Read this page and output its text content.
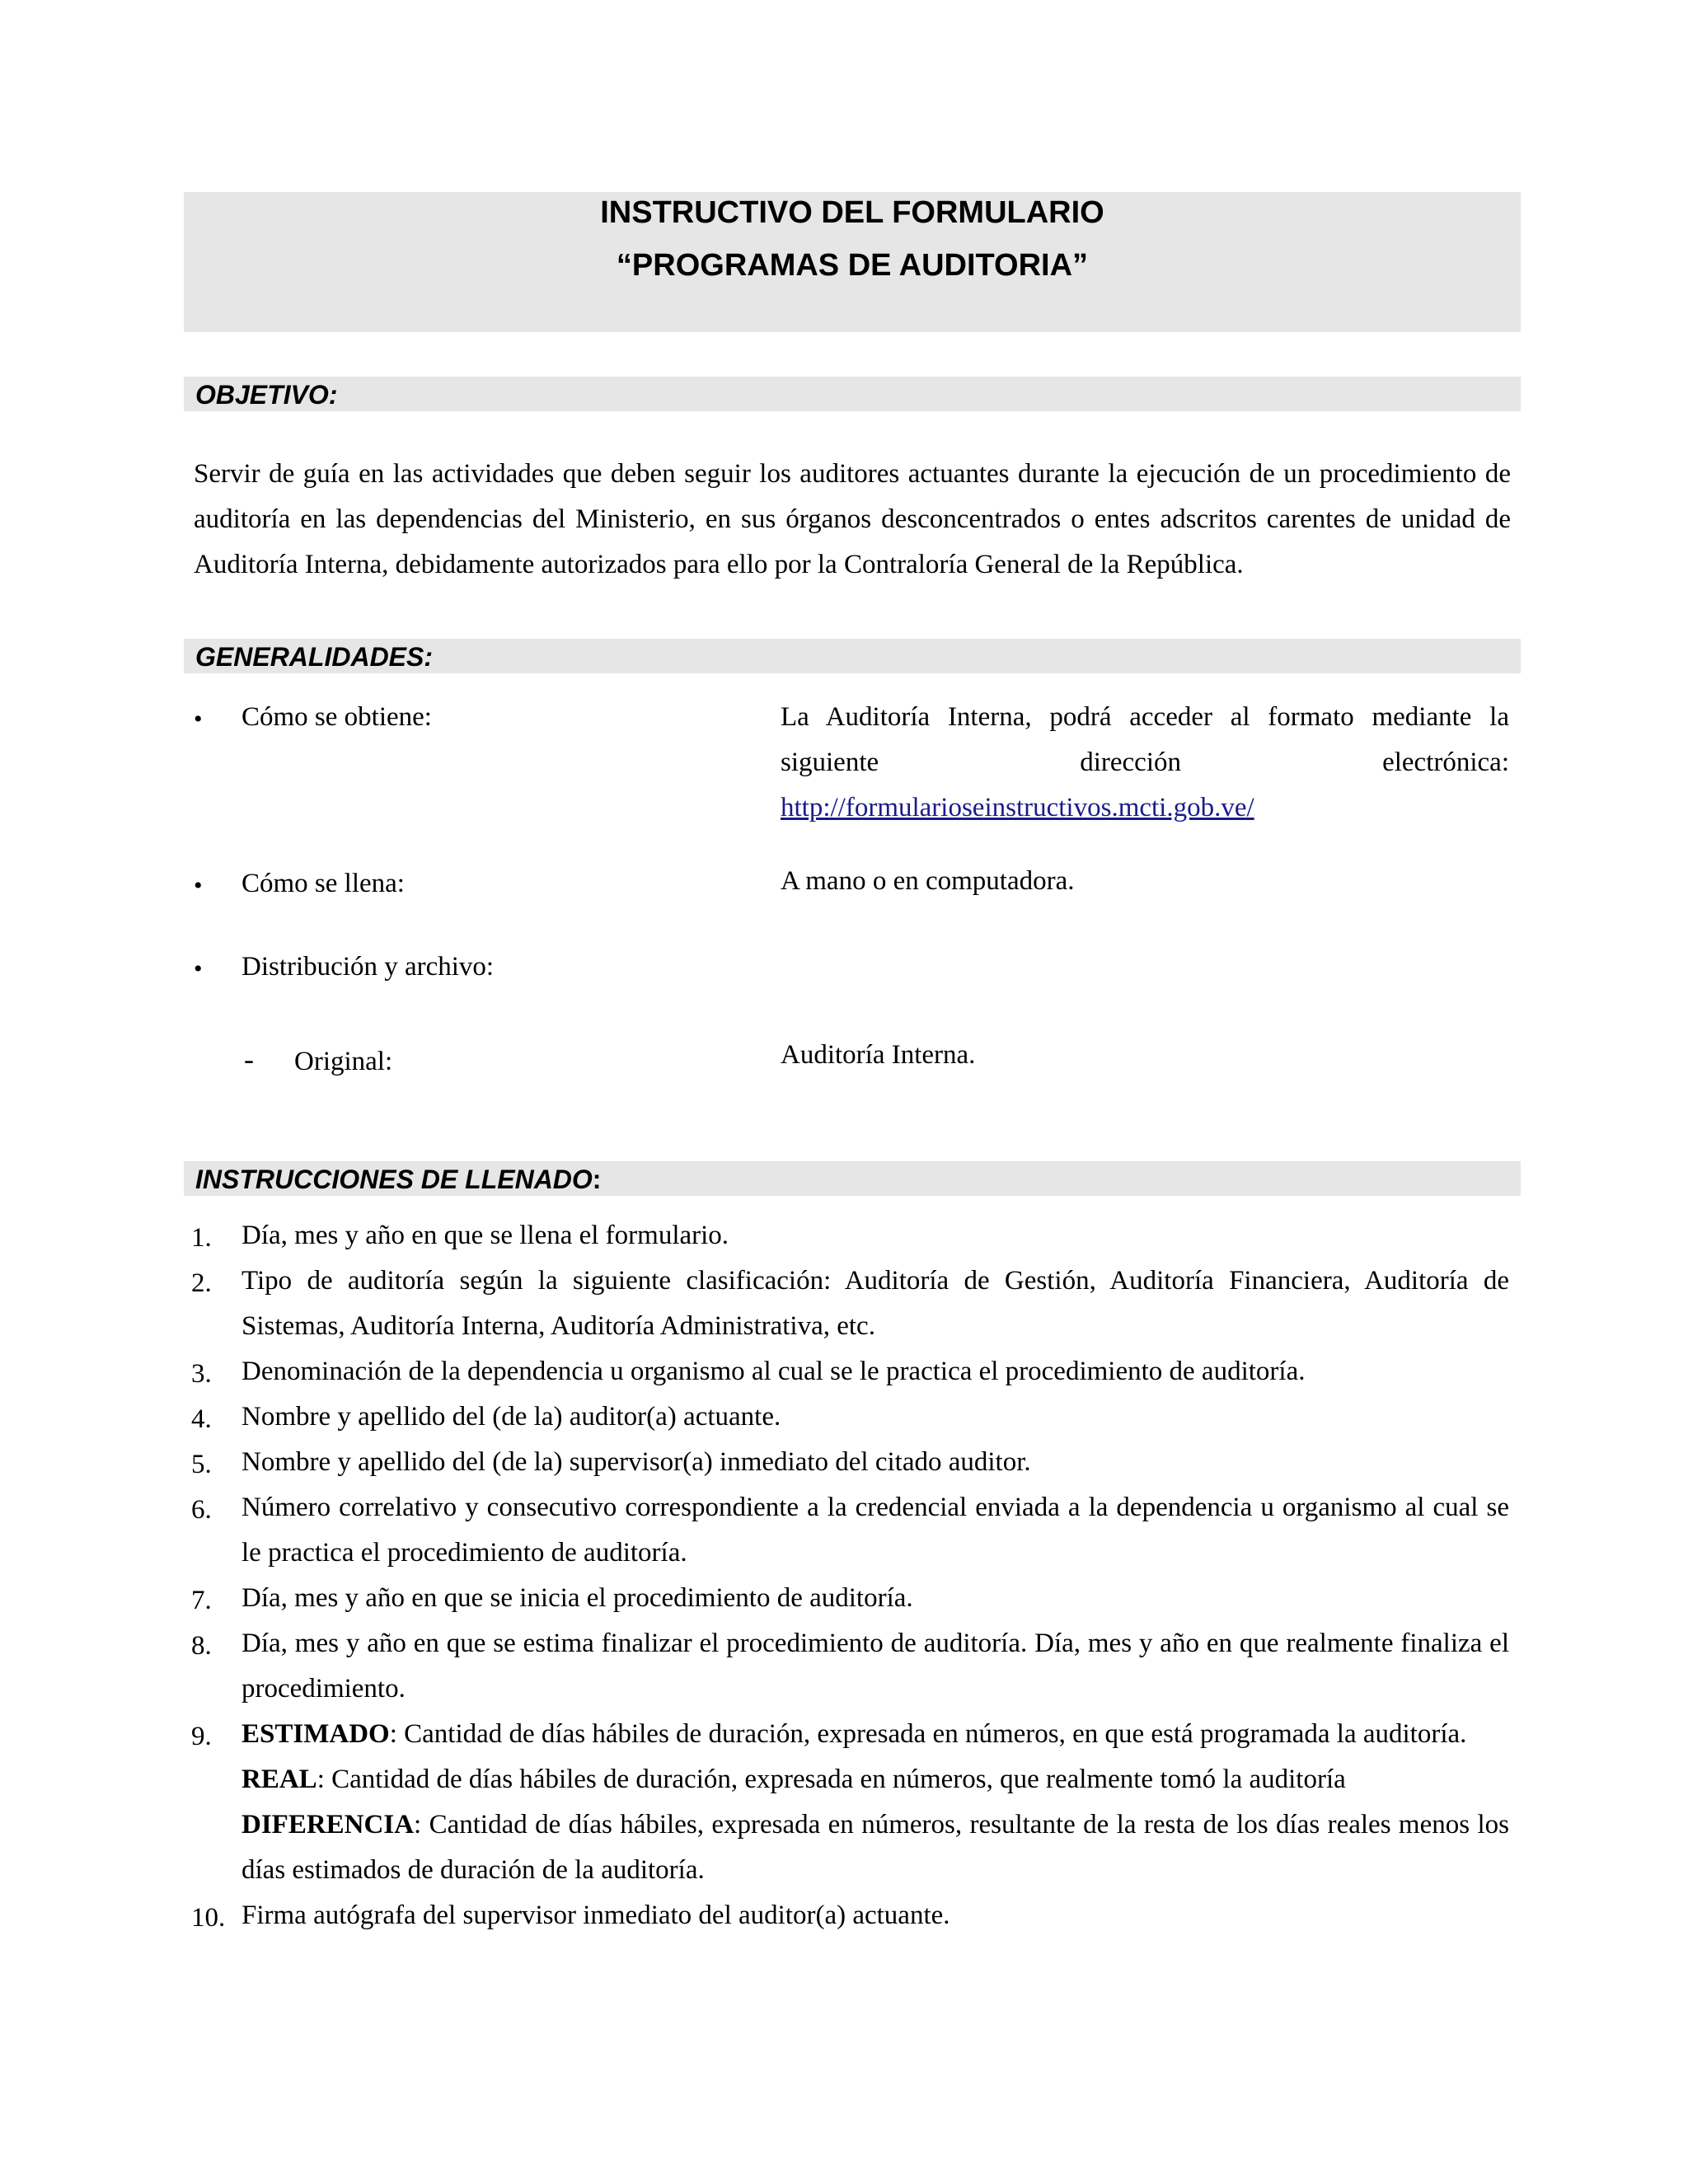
INSTRUCTIVO DEL FORMULARIO
“PROGRAMAS DE AUDITORIA”
OBJETIVO:
Servir de guía en las actividades que deben seguir los auditores actuantes durante la ejecución de un procedimiento de auditoría en las dependencias del Ministerio, en sus órganos desconcentrados o entes adscritos carentes de unidad de Auditoría Interna, debidamente autorizados para ello por la Contraloría General de la República.
GENERALIDADES:
• Cómo se obtiene:	La Auditoría Interna, podrá acceder al formato mediante la siguiente dirección electrónica:
http://formularioseinstructivos.mcti.gob.ve/
• Cómo se llena:	A mano o en computadora.
• Distribución y archivo:
- Original:	Auditoría Interna.
INSTRUCCIONES DE LLENADO:
1. Día, mes y año en que se llena el formulario.
2. Tipo de auditoría según la siguiente clasificación: Auditoría de Gestión, Auditoría Financiera, Auditoría de Sistemas, Auditoría Interna, Auditoría Administrativa, etc.
3. Denominación de la dependencia u organismo al cual se le practica el procedimiento de auditoría.
4. Nombre y apellido del (de la) auditor(a) actuante.
5. Nombre y apellido del (de la) supervisor(a) inmediato del citado auditor.
6. Número correlativo y consecutivo correspondiente a la credencial enviada a la dependencia u organismo al cual se le practica el procedimiento de auditoría.
7. Día, mes y año en que se inicia el procedimiento de auditoría.
8. Día, mes y año en que se estima finalizar el procedimiento de auditoría. Día, mes y año en que realmente finaliza el procedimiento.
9. ESTIMADO: Cantidad de días hábiles de duración, expresada en números, en que está programada la auditoría.
REAL: Cantidad de días hábiles de duración, expresada en números, que realmente tomó la auditoría
DIFERENCIA: Cantidad de días hábiles, expresada en números, resultante de la resta de los días reales menos los días estimados de duración de la auditoría.
10. Firma autógrafa del supervisor inmediato del auditor(a) actuante.
